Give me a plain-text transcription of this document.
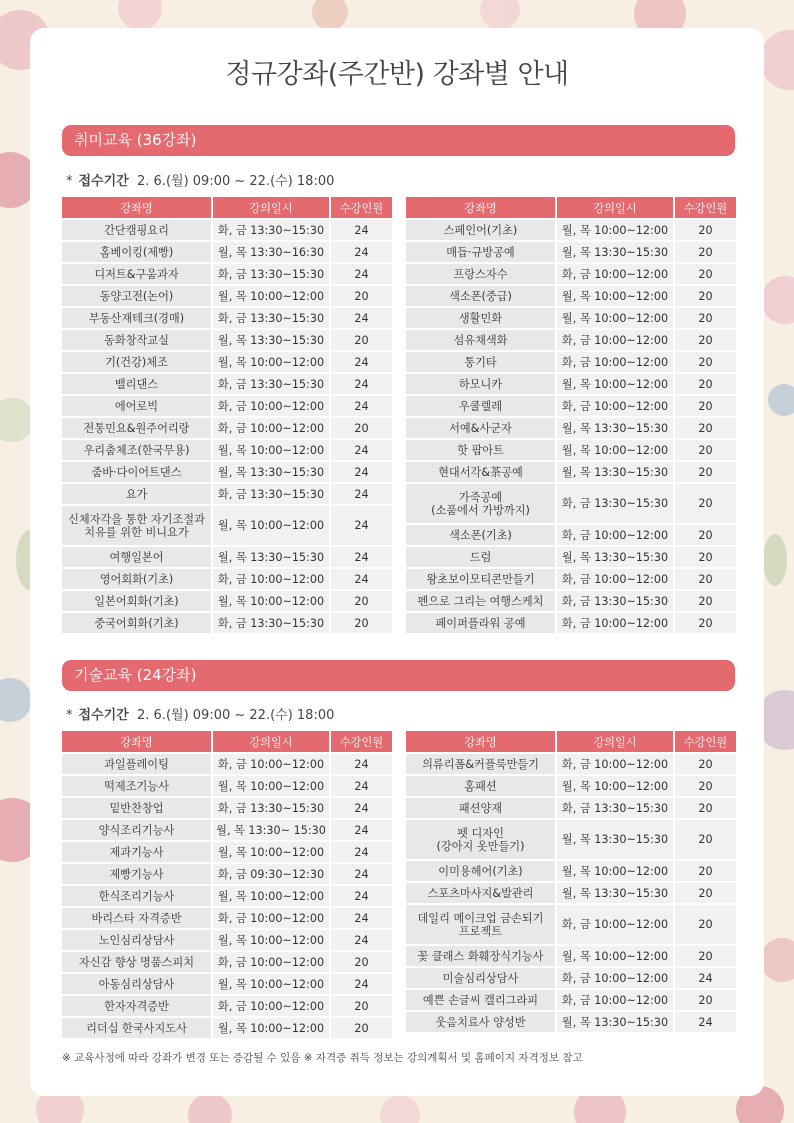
정규강좌(주간반) 강좌별 안내
취미교육 (36강좌)
* 접수기간 2. 6.(월) 09:00 ~ 22.(수) 18:00
강좌명	강의일시	수강인원
간단캠핑요리	화, 금 13:30~15:30	24
홈베이킹(제빵)	월, 목 13:30~16:30	24
디저트&구움과자	화, 금 13:30~15:30	24
동양고전(논어)	월, 목 10:00~12:00	20
부동산재테크(경매)	화, 금 13:30~15:30	24
동화창작교실	월, 목 13:30~15:30	20
기(건강)체조	월, 목 10:00~12:00	24
밸리댄스	화, 금 13:30~15:30	24
에어로빅	화, 금 10:00~12:00	24
전통민요&원주어리랑	화, 금 10:00~12:00	20
우리춤체조(한국무용)	월, 목 10:00~12:00	24
줌바·다이어트댄스	월, 목 13:30~15:30	24
요가	화, 금 13:30~15:30	24
신체자각을 통한 자기조절과
치유를 위한 비니요가	월, 목 10:00~12:00	24
여행일본어	월, 목 13:30~15:30	24
영어회화(기초)	화, 금 10:00~12:00	24
일본어회화(기초)	월, 목 10:00~12:00	20
중국어회화(기초)	화, 금 13:30~15:30	20
강좌명	강의일시	수강인원
스페인어(기초)	월, 목 10:00~12:00	20
매듭·규방공예	월, 목 13:30~15:30	20
프랑스자수	화, 금 10:00~12:00	20
색소폰(중급)	월, 목 10:00~12:00	20
생활민화	월, 목 10:00~12:00	20
섬유채색화	화, 금 10:00~12:00	20
통기타	화, 금 10:00~12:00	20
하모니카	월, 목 10:00~12:00	20
우쿨렐레	화, 금 10:00~12:00	20
서예&사군자	월, 목 13:30~15:30	20
핫 팝아트	월, 목 10:00~12:00	20
현대서각&茶공예	월, 목 13:30~15:30	20
가죽공예
(소품에서 가방까지)	화, 금 13:30~15:30	20
색소폰(기초)	화, 금 10:00~12:00	20
드럼	월, 목 13:30~15:30	20
왕초보이모티콘만들기	화, 금 10:00~12:00	20
펜으로 그리는 여행스케치	화, 금 13:30~15:30	20
페이퍼플라워 공예	화, 금 10:00~12:00	20
기술교육 (24강좌)
* 접수기간 2. 6.(월) 09:00 ~ 22.(수) 18:00
강좌명	강의일시	수강인원
과일플레이팅	화, 금 10:00~12:00	24
떡제조기능사	월, 목 10:00~12:00	24
밑반찬창업	화, 금 13:30~15:30	24
양식조리기능사	월, 목 13:30~ 15:30	24
제과기능사	월, 목 10:00~12:00	24
제빵기능사	화, 금 09:30~12:30	24
한식조리기능사	월, 목 10:00~12:00	24
바리스타 자격증반	화, 금 10:00~12:00	24
노인심리상담사	월, 목 10:00~12:00	24
자신감 향상 명품스피치	화, 금 10:00~12:00	20
아동심리상담사	월, 목 10:00~12:00	24
한자자격증반	화, 금 10:00~12:00	20
리더십 한국사지도사	월, 목 10:00~12:00	20
강좌명	강의일시	수강인원
의류리폼&커플룩만들기	화, 금 10:00~12:00	20
홈패션	월, 목 10:00~12:00	20
패션양재	화, 금 13:30~15:30	20
펫 디자인
(강아지 옷만들기)	월, 목 13:30~15:30	20
이미용헤어(기초)	월, 목 10:00~12:00	20
스포츠마사지&발관리	월, 목 13:30~15:30	20
데일리 메이크업 금손되기
프로젝트	화, 금 10:00~12:00	20
꽃 클래스 화훼장식기능사	월, 목 10:00~12:00	20
미술심리상담사	화, 금 10:00~12:00	24
예쁜 손글씨 캘리그라피	화, 금 10:00~12:00	20
웃음치료사 양성반	월, 목 13:30~15:30	24
※ 교육사정에 따라 강좌가 변경 또는 증감될 수 있음 ※ 자격증 취득 정보는 강의계획서 및 홈페이지 자격정보 참고
